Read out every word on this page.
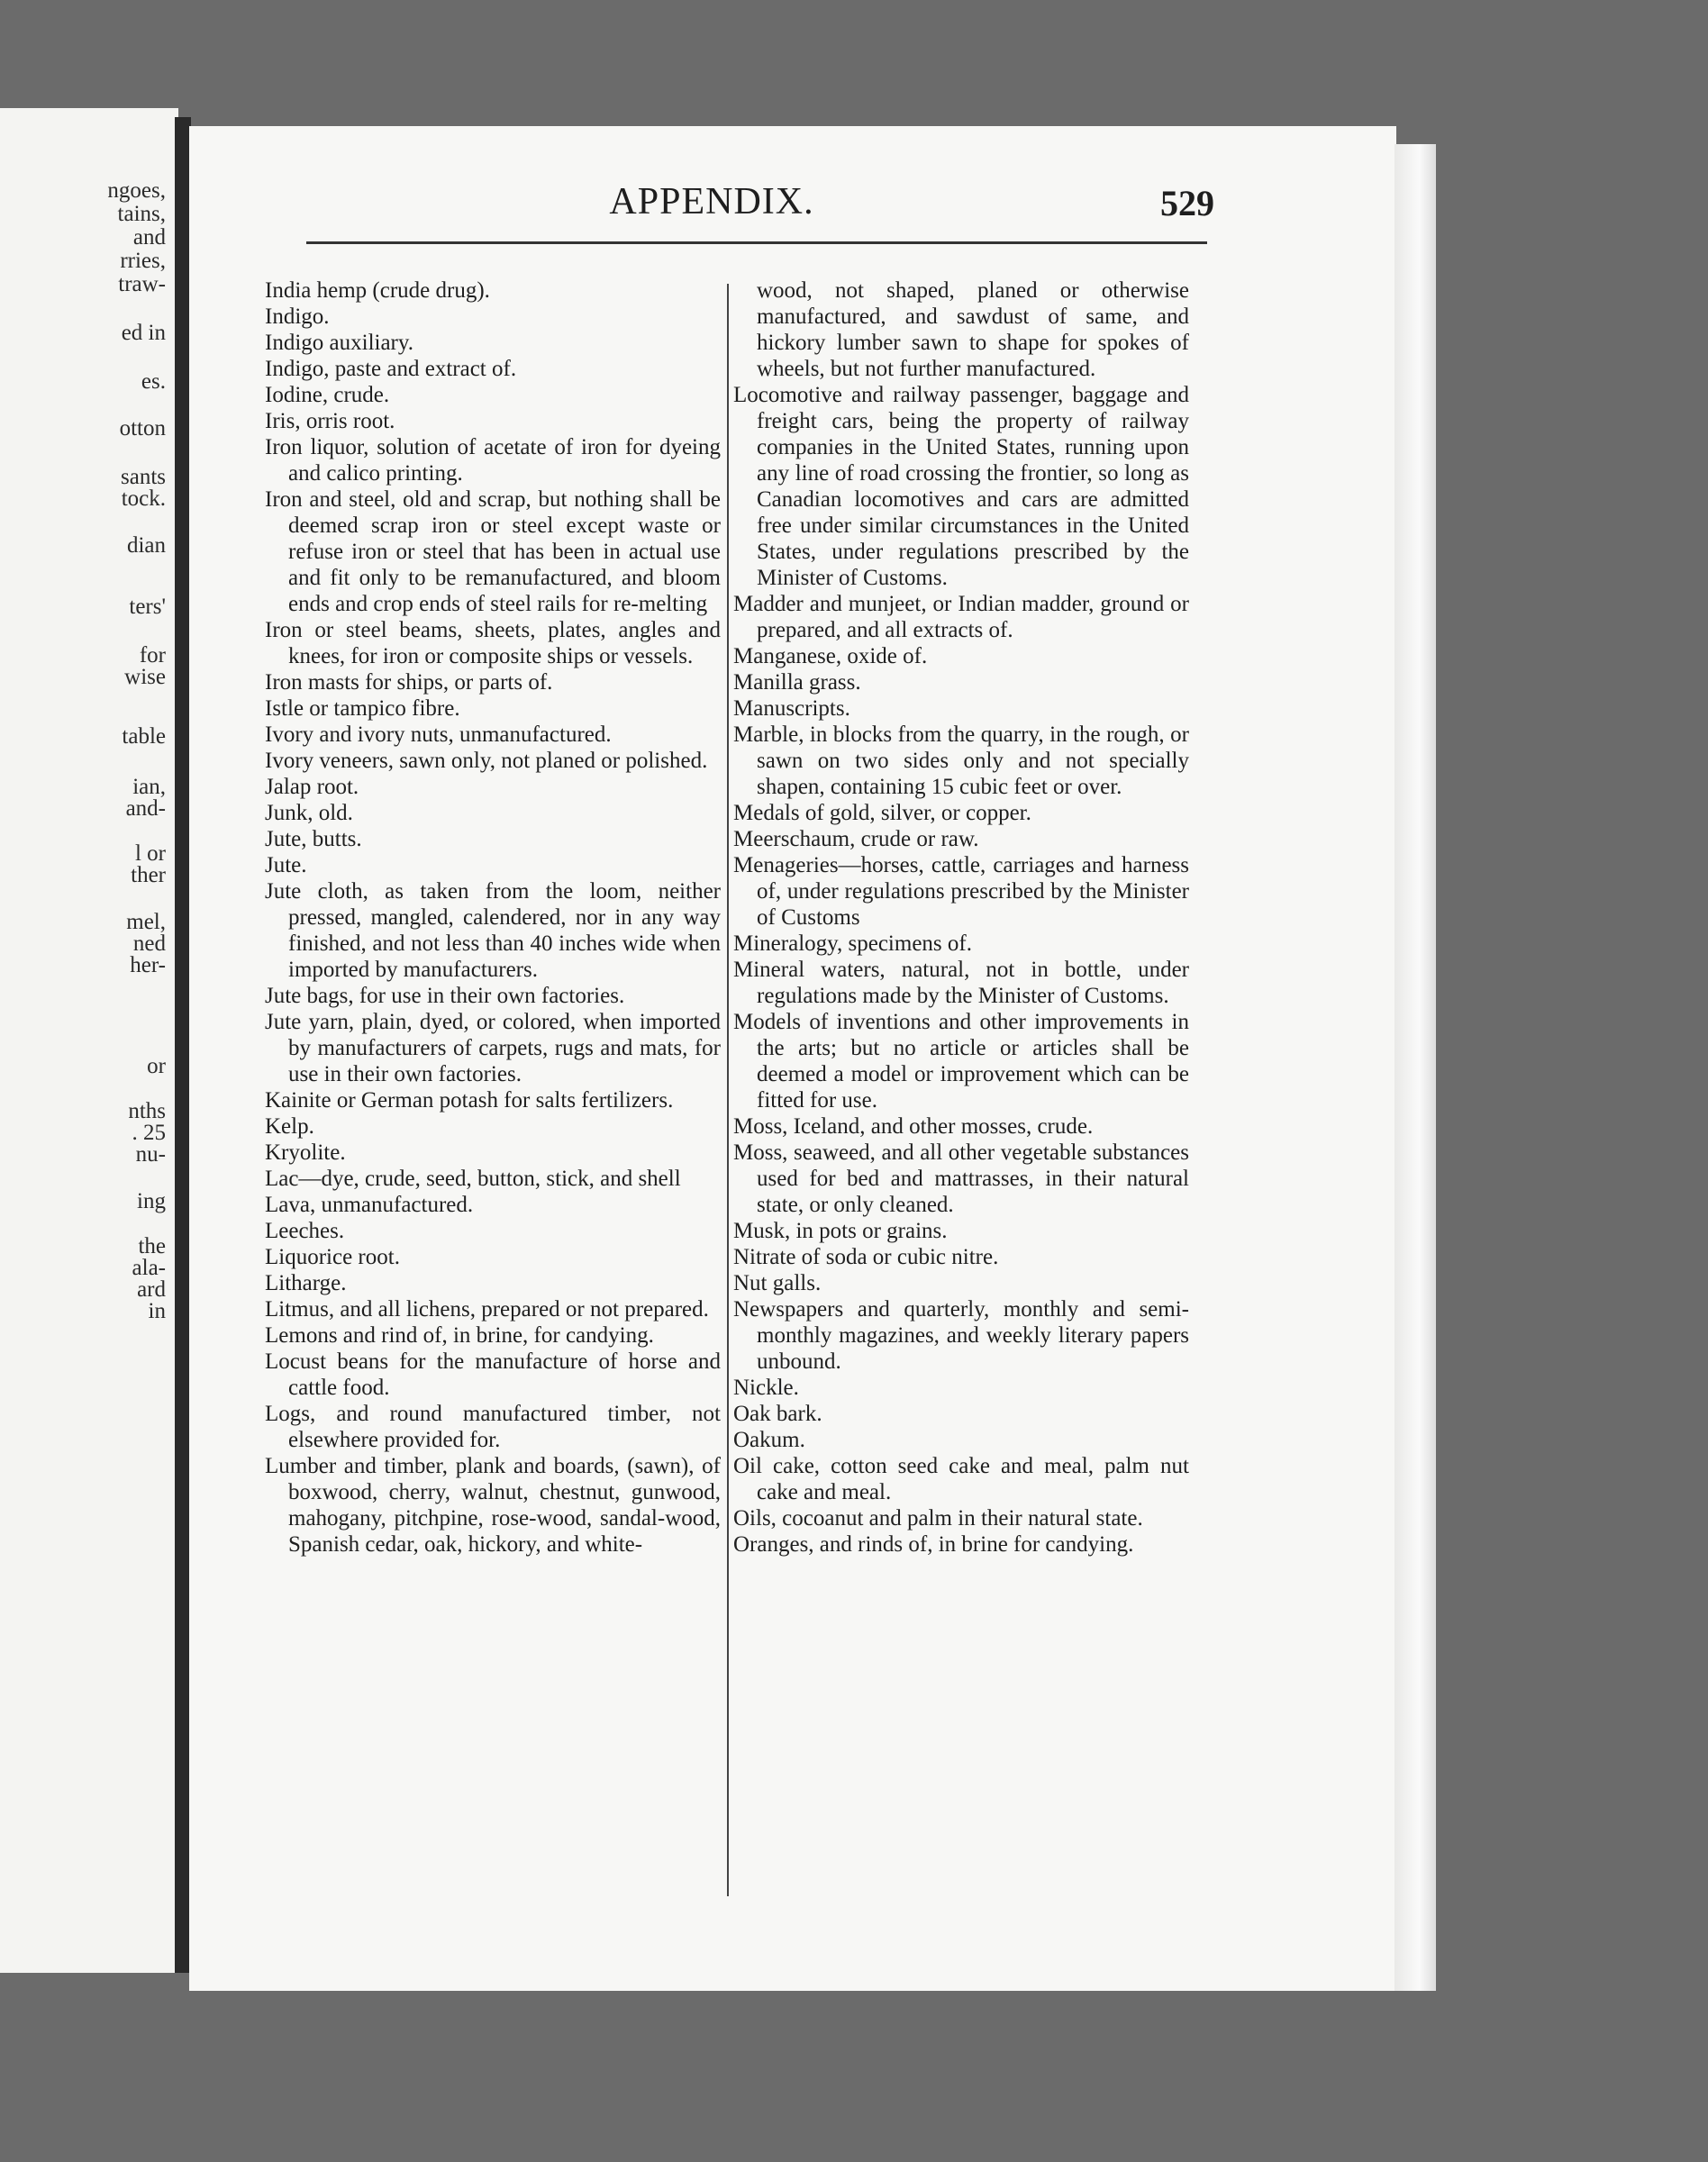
ngoes,
tains,
and
rries,
traw-
ed in
es.
otton
sants
tock.
dian
ters'
for
wise
table
ian,
and-
l or
ther
mel,
ned
her-
or
nths
. 25
nu-
ing
the
ala-
ard
in
APPENDIX.	529

India hemp (crude drug).

Indigo.

Indigo auxiliary.

Indigo, paste and extract of.

Iodine, crude.

Iris, orris root.

Iron liquor, solution of acetate of iron for dyeing and calico printing.

Iron and steel, old and scrap, but nothing shall be deemed scrap iron or steel except waste or refuse iron or steel that has been in actual use and fit only to be remanufactured, and bloom ends and crop ends of steel rails for re-melting

Iron or steel beams, sheets, plates, angles and knees, for iron or composite ships or vessels.

Iron masts for ships, or parts of.

Istle or tampico fibre.

Ivory and ivory nuts, unmanufactured.

Ivory veneers, sawn only, not planed or polished.

Jalap root.

Junk, old.

Jute, butts.

Jute.

Jute cloth, as taken from the loom, neither pressed, mangled, calendered, nor in any way finished, and not less than 40 inches wide when imported by manufacturers.

Jute bags, for use in their own factories.

Jute yarn, plain, dyed, or colored, when imported by manufacturers of carpets, rugs and mats, for use in their own factories.

Kainite or German potash for salts fertilizers.

Kelp.

Kryolite.

Lac—dye, crude, seed, button, stick, and shell

Lava, unmanufactured.

Leeches.

Liquorice root.

Litharge.

Litmus, and all lichens, prepared or not prepared.

Lemons and rind of, in brine, for candying.

Locust beans for the manufacture of horse and cattle food.

Logs, and round manufactured timber, not elsewhere provided for.

Lumber and timber, plank and boards, (sawn), of boxwood, cherry, walnut, chestnut, gunwood, mahogany, pitchpine, rose-wood, sandal-wood, Spanish cedar, oak, hickory, and white-

wood, not shaped, planed or otherwise manufactured, and sawdust of same, and hickory lumber sawn to shape for spokes of wheels, but not further manufactured.

Locomotive and railway passenger, baggage and freight cars, being the property of railway companies in the United States, running upon any line of road crossing the frontier, so long as Canadian locomotives and cars are admitted free under similar circumstances in the United States, under regulations prescribed by the Minister of Customs.

Madder and munjeet, or Indian madder, ground or prepared, and all extracts of.

Manganese, oxide of.

Manilla grass.

Manuscripts.

Marble, in blocks from the quarry, in the rough, or sawn on two sides only and not specially shapen, containing 15 cubic feet or over.

Medals of gold, silver, or copper.

Meerschaum, crude or raw.

Menageries—horses, cattle, carriages and harness of, under regulations prescribed by the Minister of Customs

Mineralogy, specimens of.

Mineral waters, natural, not in bottle, under regulations made by the Minister of Customs.

Models of inventions and other improvements in the arts; but no article or articles shall be deemed a model or improvement which can be fitted for use.

Moss, Iceland, and other mosses, crude.

Moss, seaweed, and all other vegetable substances used for bed and mattrasses, in their natural state, or only cleaned.

Musk, in pots or grains.

Nitrate of soda or cubic nitre.

Nut galls.

Newspapers and quarterly, monthly and semi-monthly magazines, and weekly literary papers unbound.

Nickle.

Oak bark.

Oakum.

Oil cake, cotton seed cake and meal, palm nut cake and meal.

Oils, cocoanut and palm in their natural state.

Oranges, and rinds of, in brine for candying.
